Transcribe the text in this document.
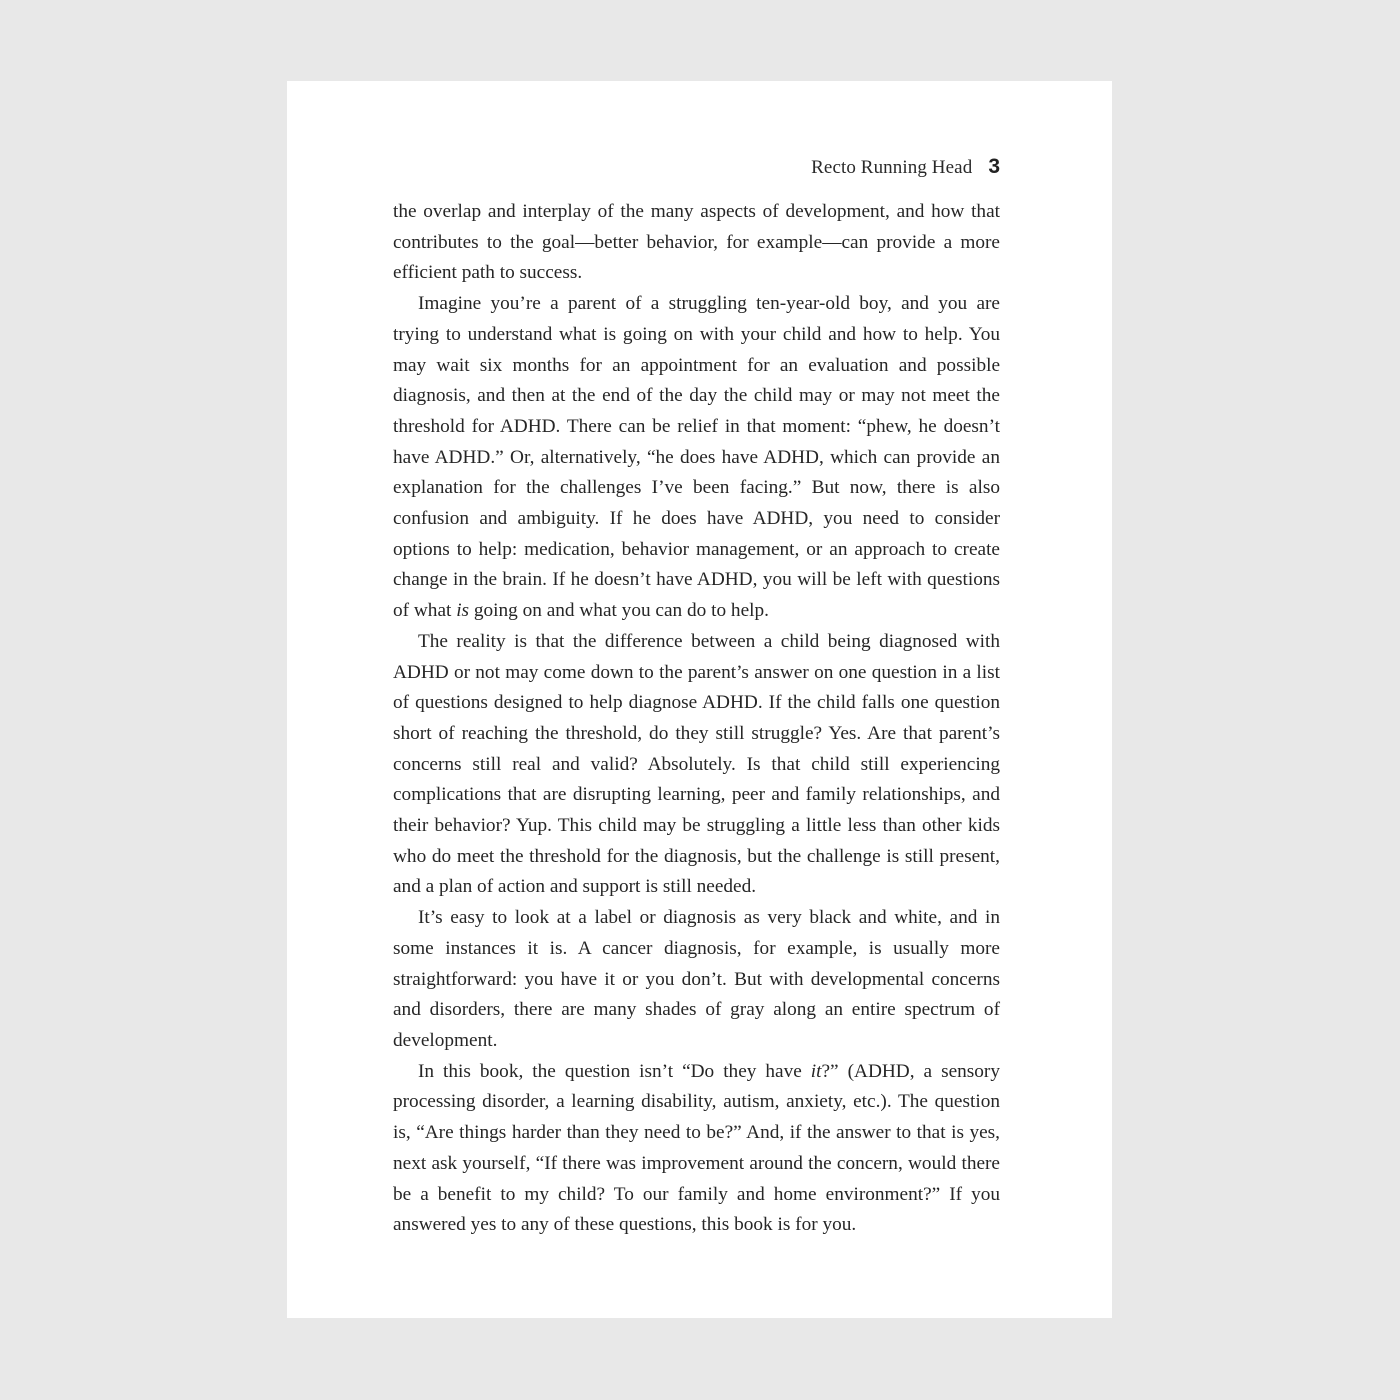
Recto Running Head 3

the overlap and interplay of the many aspects of development, and how that contributes to the goal—better behavior, for example—can provide a more efficient path to success.

Imagine you’re a parent of a struggling ten-year-old boy, and you are trying to understand what is going on with your child and how to help. You may wait six months for an appointment for an evaluation and possible diagnosis, and then at the end of the day the child may or may not meet the threshold for ADHD. There can be relief in that moment: “phew, he doesn’t have ADHD.” Or, alternatively, “he does have ADHD, which can provide an explanation for the challenges I’ve been facing.” But now, there is also confusion and ambiguity. If he does have ADHD, you need to consider options to help: medication, behavior management, or an approach to create change in the brain. If he doesn’t have ADHD, you will be left with questions of what is going on and what you can do to help.

The reality is that the difference between a child being diagnosed with ADHD or not may come down to the parent’s answer on one question in a list of questions designed to help diagnose ADHD. If the child falls one question short of reaching the threshold, do they still struggle? Yes. Are that parent’s concerns still real and valid? Absolutely. Is that child still experiencing complications that are disrupting learning, peer and family relationships, and their behavior? Yup. This child may be struggling a little less than other kids who do meet the threshold for the diagnosis, but the challenge is still present, and a plan of action and support is still needed.

It’s easy to look at a label or diagnosis as very black and white, and in some instances it is. A cancer diagnosis, for example, is usually more straightforward: you have it or you don’t. But with developmental concerns and disorders, there are many shades of gray along an entire spectrum of development.

In this book, the question isn’t “Do they have it?” (ADHD, a sensory processing disorder, a learning disability, autism, anxiety, etc.). The question is, “Are things harder than they need to be?” And, if the answer to that is yes, next ask yourself, “If there was improvement around the concern, would there be a benefit to my child? To our family and home environment?” If you answered yes to any of these questions, this book is for you.
